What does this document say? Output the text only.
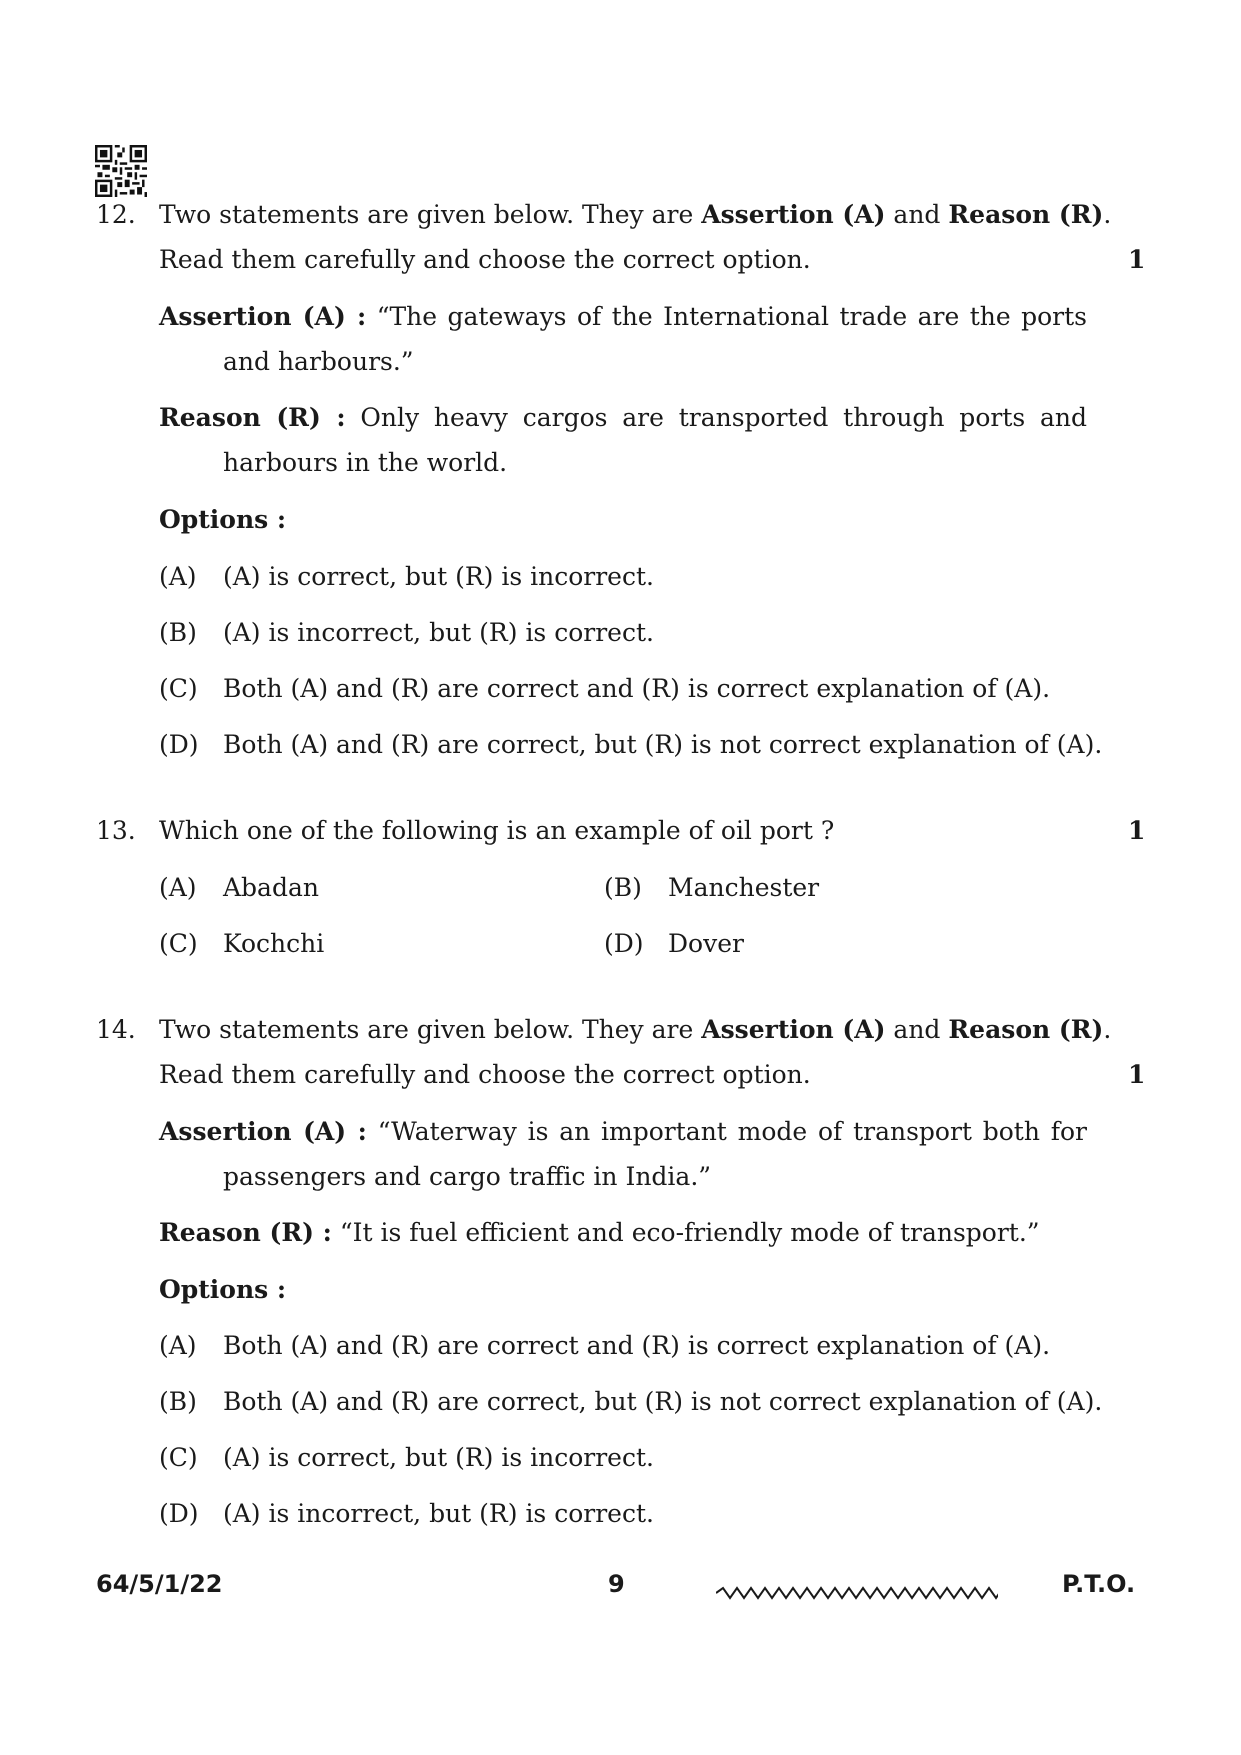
12. Two statements are given below. They are Assertion (A) and Reason (R).
Read them carefully and choose the correct option.	1
Assertion (A) : “The gateways of the International trade are the ports
and harbours.”
Reason (R) : Only heavy cargos are transported through ports and
harbours in the world.
Options :
(A) (A) is correct, but (R) is incorrect.
(B) (A) is incorrect, but (R) is correct.
(C) Both (A) and (R) are correct and (R) is correct explanation of (A).
(D) Both (A) and (R) are correct, but (R) is not correct explanation of (A).
13. Which one of the following is an example of oil port ?	1
(A) Abadan	(B) Manchester
(C) Kochchi	(D) Dover
14. Two statements are given below. They are Assertion (A) and Reason (R).
Read them carefully and choose the correct option.	1
Assertion (A) : “Waterway is an important mode of transport both for
passengers and cargo traffic in India.”
Reason (R) : “It is fuel efficient and eco-friendly mode of transport.”
Options :
(A) Both (A) and (R) are correct and (R) is correct explanation of (A).
(B) Both (A) and (R) are correct, but (R) is not correct explanation of (A).
(C) (A) is correct, but (R) is incorrect.
(D) (A) is incorrect, but (R) is correct.
64/5/1/22	9	P.T.O.
